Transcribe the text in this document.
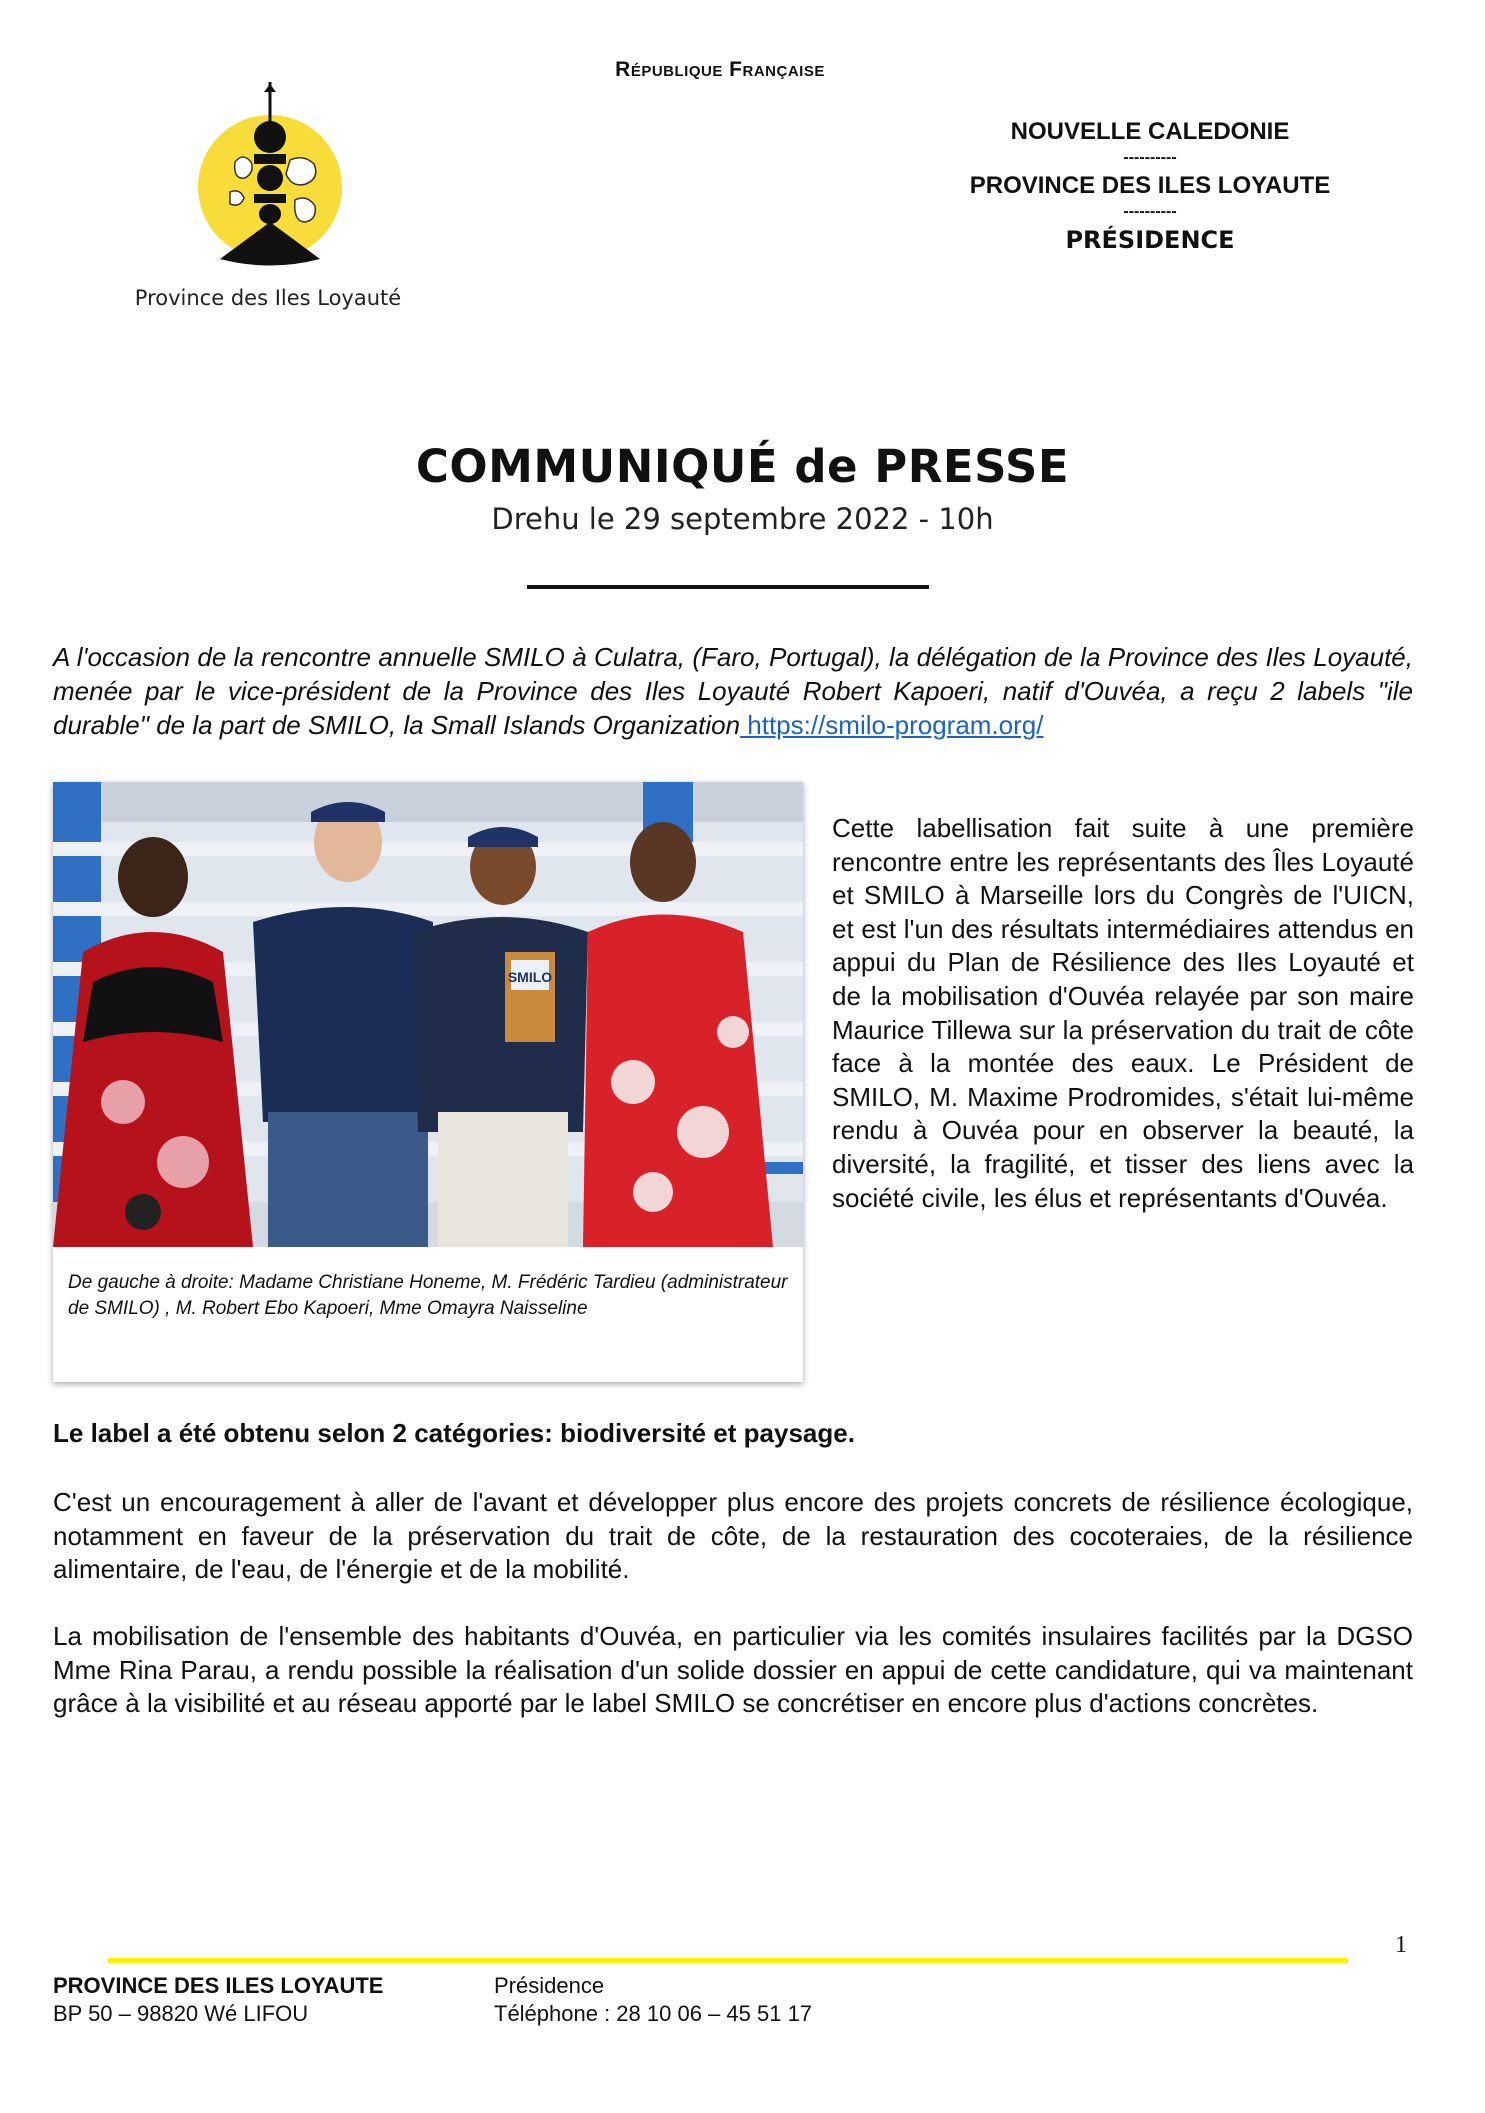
République Française
Province des Iles Loyauté
NOUVELLE CALEDONIE
----------
PROVINCE DES ILES LOYAUTE
----------
PRÉSIDENCE
COMMUNIQUÉ de PRESSE
Drehu le 29 septembre 2022 - 10h
A l'occasion de la rencontre annuelle SMILO à Culatra, (Faro, Portugal), la délégation de la Province des Iles Loyauté, menée par le vice-président de la Province des Iles Loyauté Robert Kapoeri, natif d'Ouvéa, a reçu 2 labels "ile durable" de la part de SMILO, la Small Islands Organization https://smilo-program.org/
SMILO
De gauche à droite: Madame Christiane Honeme, M. Frédéric Tardieu (administrateur de SMILO) , M. Robert Ebo Kapoeri, Mme Omayra Naisseline
Cette labellisation fait suite à une première rencontre entre les représentants des Îles Loyauté et SMILO à Marseille lors du Congrès de l'UICN, et est l'un des résultats intermédiaires attendus en appui du Plan de Résilience des Iles Loyauté et de la mobilisation d'Ouvéa relayée par son maire Maurice Tillewa sur la préservation du trait de côte face à la montée des eaux. Le Président de SMILO, M. Maxime Prodromides, s'était lui-même rendu à Ouvéa pour en observer la beauté, la diversité, la fragilité, et tisser des liens avec la société civile, les élus et représentants d'Ouvéa.
Le label a été obtenu selon 2 catégories: biodiversité et paysage.
C'est un encouragement à aller de l'avant et développer plus encore des projets concrets de résilience écologique, notamment en faveur de la préservation du trait de côte, de la restauration des cocoteraies, de la résilience alimentaire, de l'eau, de l'énergie et de la mobilité.
La mobilisation de l'ensemble des habitants d'Ouvéa, en particulier via les comités insulaires facilités par la DGSO Mme Rina Parau, a rendu possible la réalisation d'un solide dossier en appui de cette candidature, qui va maintenant grâce à la visibilité et au réseau apporté par le label SMILO se concrétiser en encore plus d'actions concrètes.
1
PROVINCE DES ILES LOYAUTE
BP 50 – 98820 Wé LIFOU
Présidence
Téléphone : 28 10 06 – 45 51 17
